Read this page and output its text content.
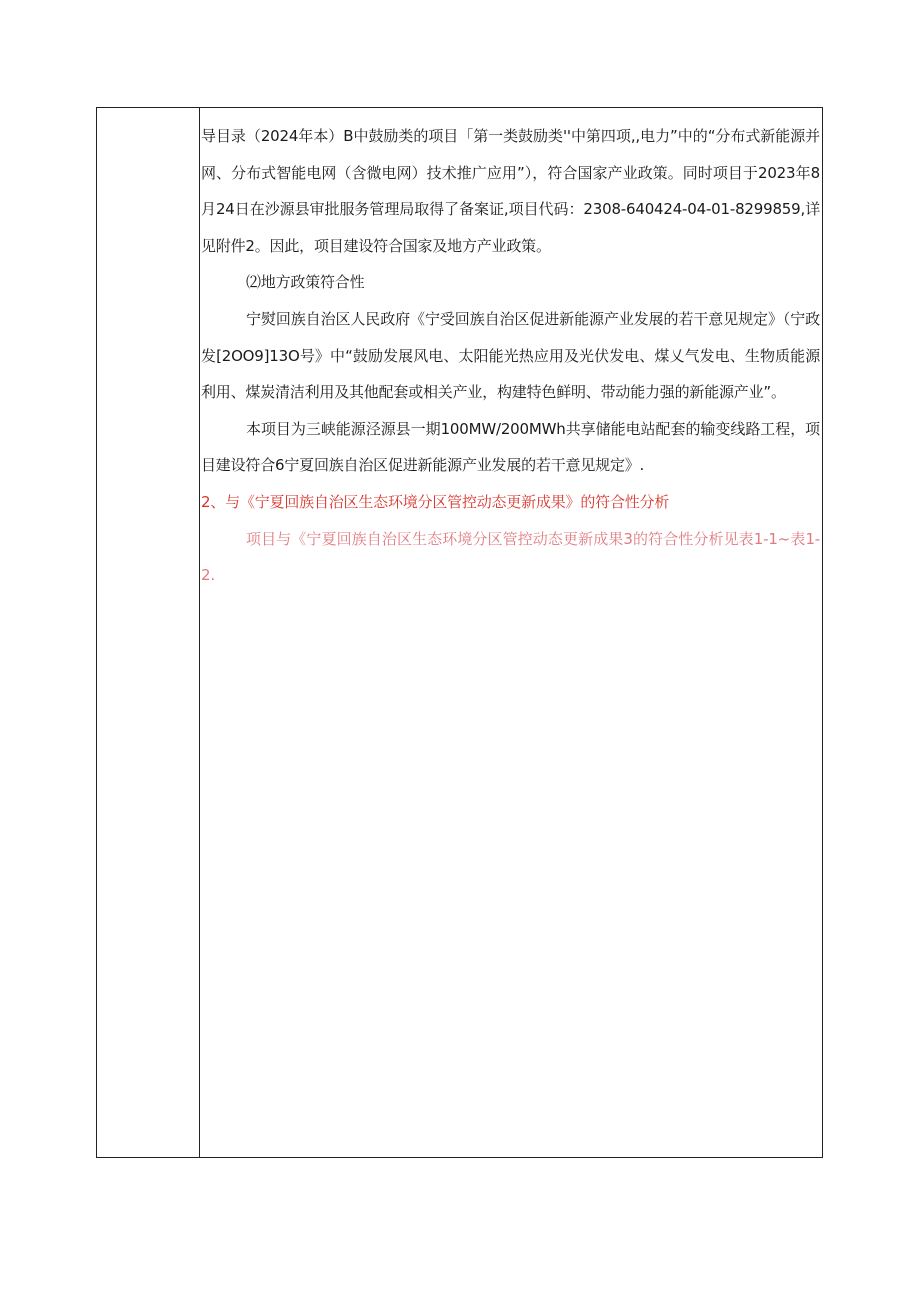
导目录（2024年本）B中鼓励类的项目「第一类鼓励类''中第四项,,电力”中的“分布式新能源并网、分布式智能电网（含微电网）技术推广应用”），符合国家产业政策。同时项目于2023年8月24日在沙源县审批服务管理局取得了备案证,项目代码：2308-640424-04-01-8299859,详见附件2。因此，项目建设符合国家及地方产业政策。

⑵地方政策符合性

宁熨回族自治区人民政府《宁受回族自治区促进新能源产业发展的若干意见规定》（宁政发[2OO9]13O号》中“鼓励发展风电、太阳能光热应用及光伏发电、煤乂气发电、生物质能源利用、煤炭清洁利用及其他配套或相关产业，构建特色鲜明、带动能力强的新能源产业”。

本项目为三峡能源泾源县一期100MW/200MWh共享储能电站配套的输变线路工程，项目建设符合6宁夏回族自治区促进新能源产业发展的若干意见规定》.

2、与《宁夏回族自治区生态环境分区管控动态更新成果》的符合性分析

项目与《宁夏回族自治区生态环境分区管控动态更新成果3的符合性分析见表1-1~表1-2.
